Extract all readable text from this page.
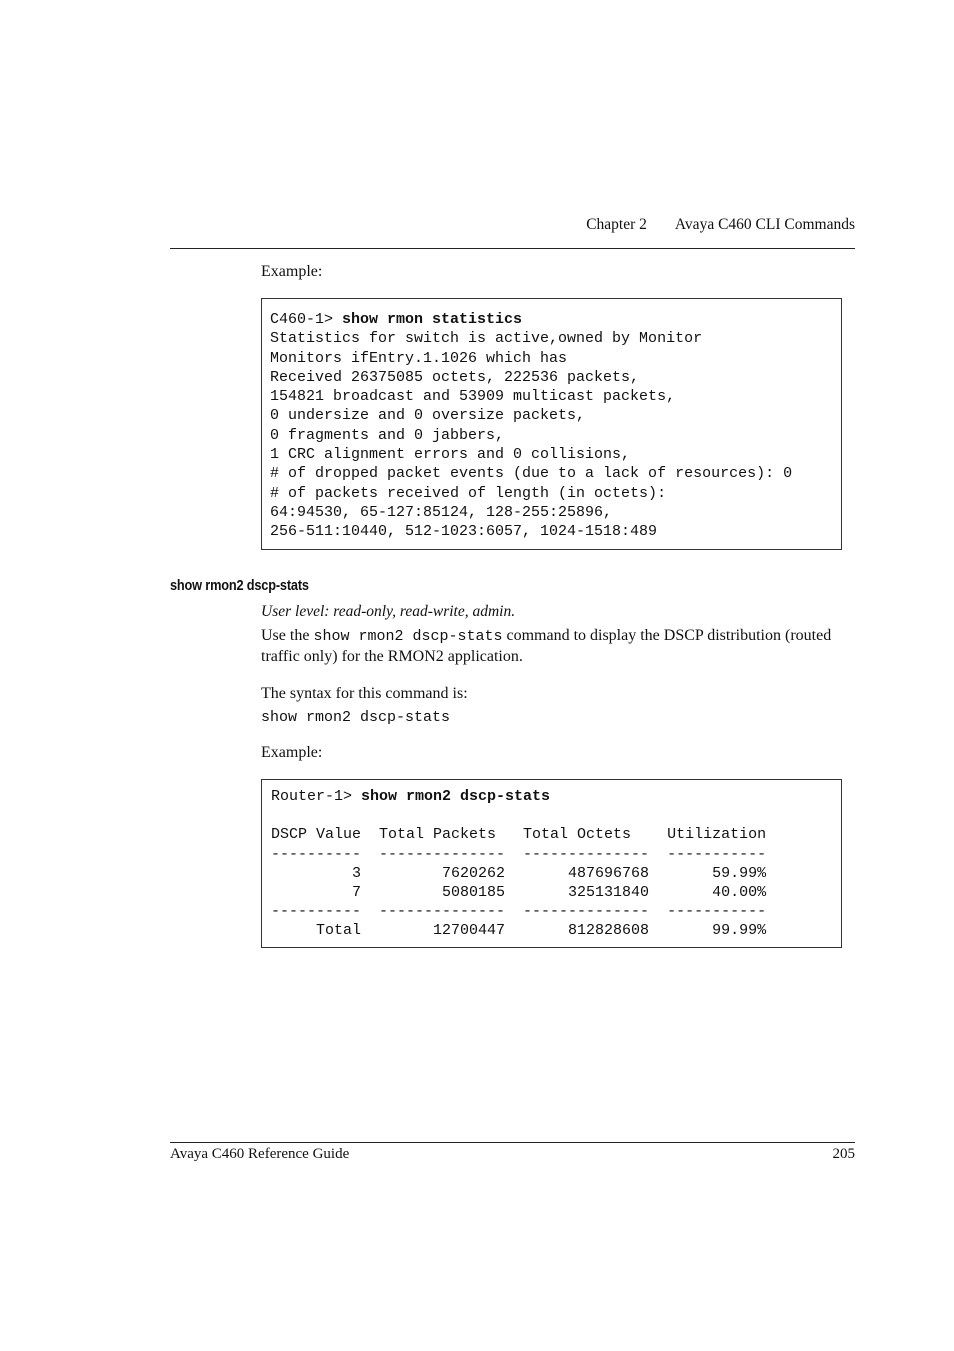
Chapter 2 Avaya C460 CLI Commands
Example:
C460-1> show rmon statistics
Statistics for switch is active,owned by Monitor
Monitors ifEntry.1.1026 which has
Received 26375085 octets, 222536 packets,
154821 broadcast and 53909 multicast packets,
0 undersize and 0 oversize packets,
0 fragments and 0 jabbers,
1 CRC alignment errors and 0 collisions,
# of dropped packet events (due to a lack of resources): 0
# of packets received of length (in octets):
64:94530, 65-127:85124, 128-255:25896,
256-511:10440, 512-1023:6057, 1024-1518:489
show rmon2 dscp-stats
User level: read-only, read-write, admin.
Use the show rmon2 dscp-stats command to display the DSCP distribution (routed traffic only) for the RMON2 application.
The syntax for this command is:
show rmon2 dscp-stats
Example:
Router-1> show rmon2 dscp-stats
DSCP Value  Total Packets   Total Octets    Utilization
----------  --------------  --------------  -----------
3         7620262       487696768       59.99%
7         5080185       325131840       40.00%
----------  --------------  --------------  -----------
Total        12700447       812828608       99.99%
Avaya C460 Reference Guide	205
